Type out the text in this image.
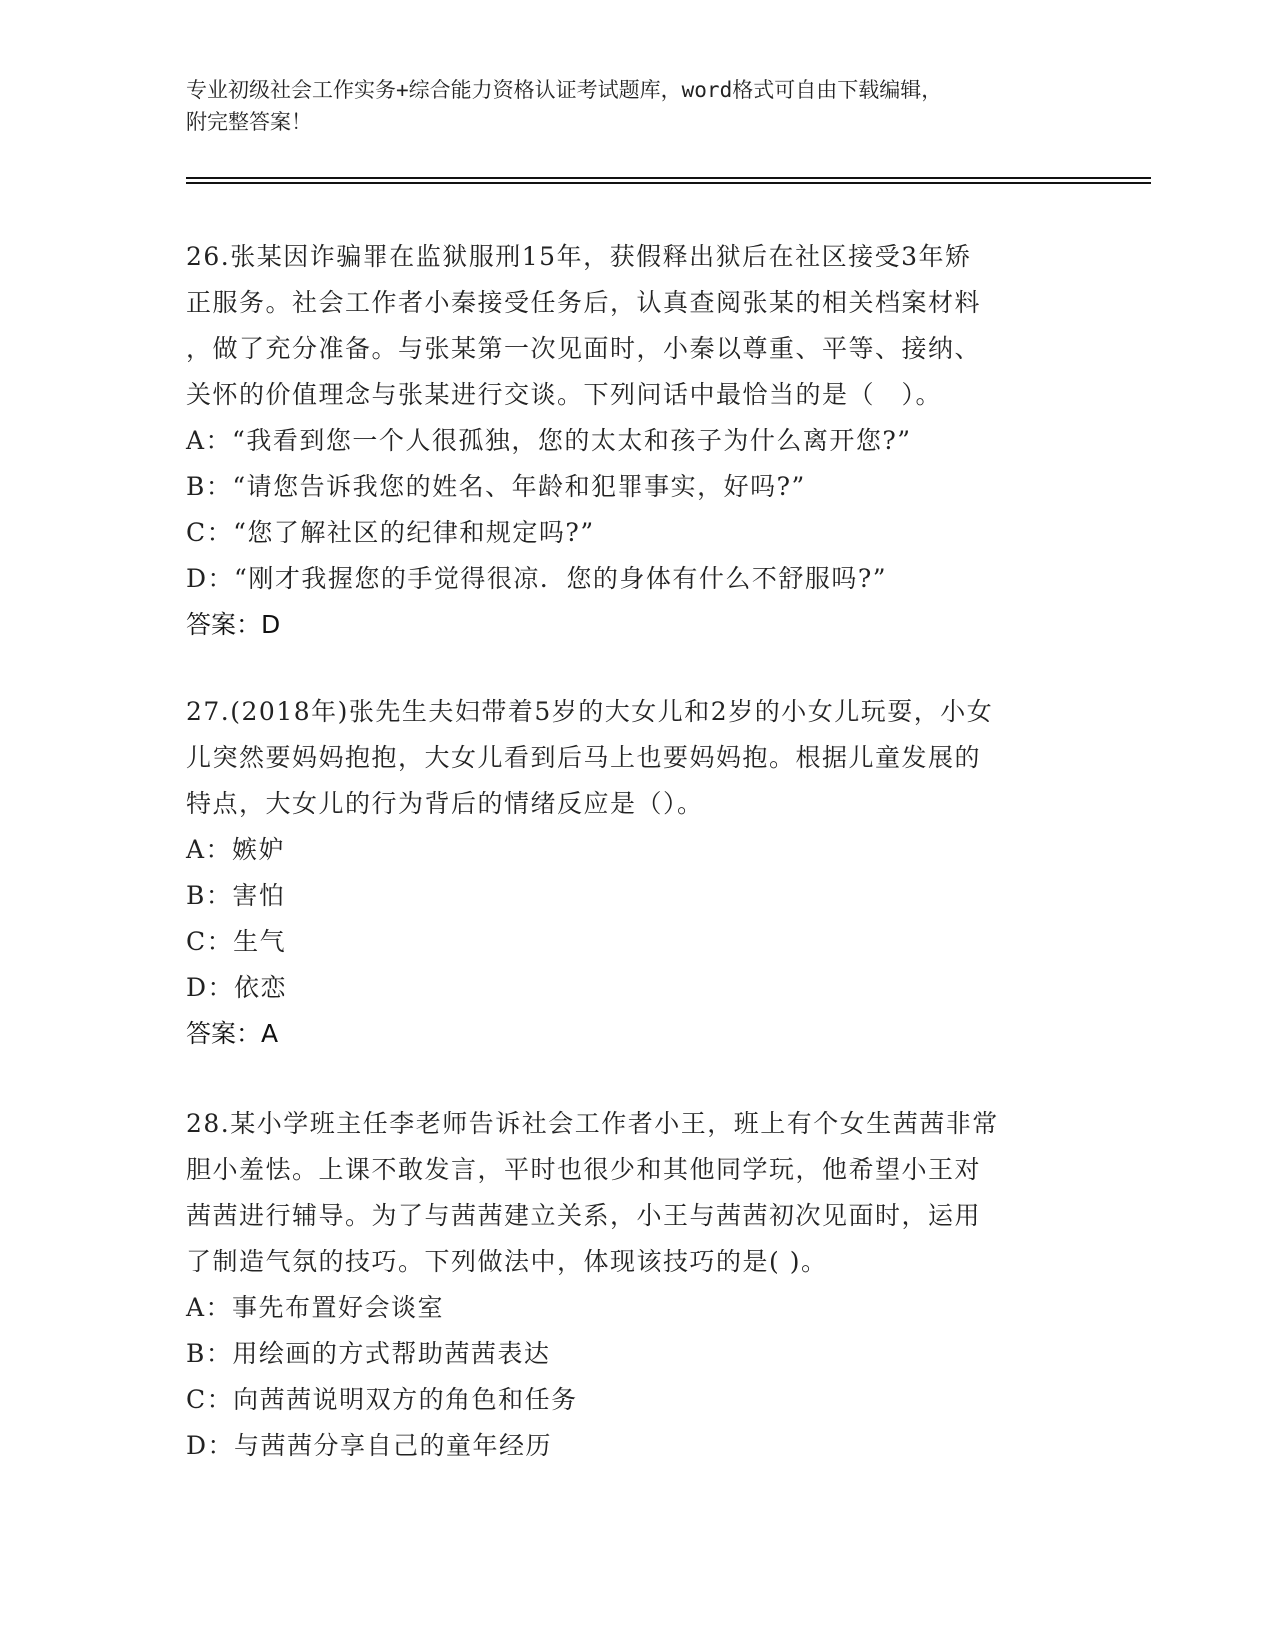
专业初级社会工作实务+综合能力资格认证考试题库，word格式可自由下载编辑，
附完整答案！

26.张某因诈骗罪在监狱服刑15年，获假释出狱后在社区接受3年矫

正服务。社会工作者小秦接受任务后，认真查阅张某的相关档案材料

，做了充分准备。与张某第一次见面时，小秦以尊重、平等、接纳、

关怀的价值理念与张某进行交谈。下列问话中最恰当的是（　）。

A：“我看到您一个人很孤独，您的太太和孩子为什么离开您?”

B：“请您告诉我您的姓名、年龄和犯罪事实，好吗?”

C：“您了解社区的纪律和规定吗?”

D：“刚才我握您的手觉得很凉．您的身体有什么不舒服吗?”

答案：D

27.(2018年)张先生夫妇带着5岁的大女儿和2岁的小女儿玩耍，小女

儿突然要妈妈抱抱，大女儿看到后马上也要妈妈抱。根据儿童发展的

特点，大女儿的行为背后的情绪反应是（）。

A：嫉妒

B：害怕

C：生气

D：依恋

答案：A

28.某小学班主任李老师告诉社会工作者小王，班上有个女生茜茜非常

胆小羞怯。上课不敢发言，平时也很少和其他同学玩，他希望小王对

茜茜进行辅导。为了与茜茜建立关系，小王与茜茜初次见面时，运用

了制造气氛的技巧。下列做法中，体现该技巧的是( )。

A：事先布置好会谈室

B：用绘画的方式帮助茜茜表达

C：向茜茜说明双方的角色和任务

D：与茜茜分享自己的童年经历
